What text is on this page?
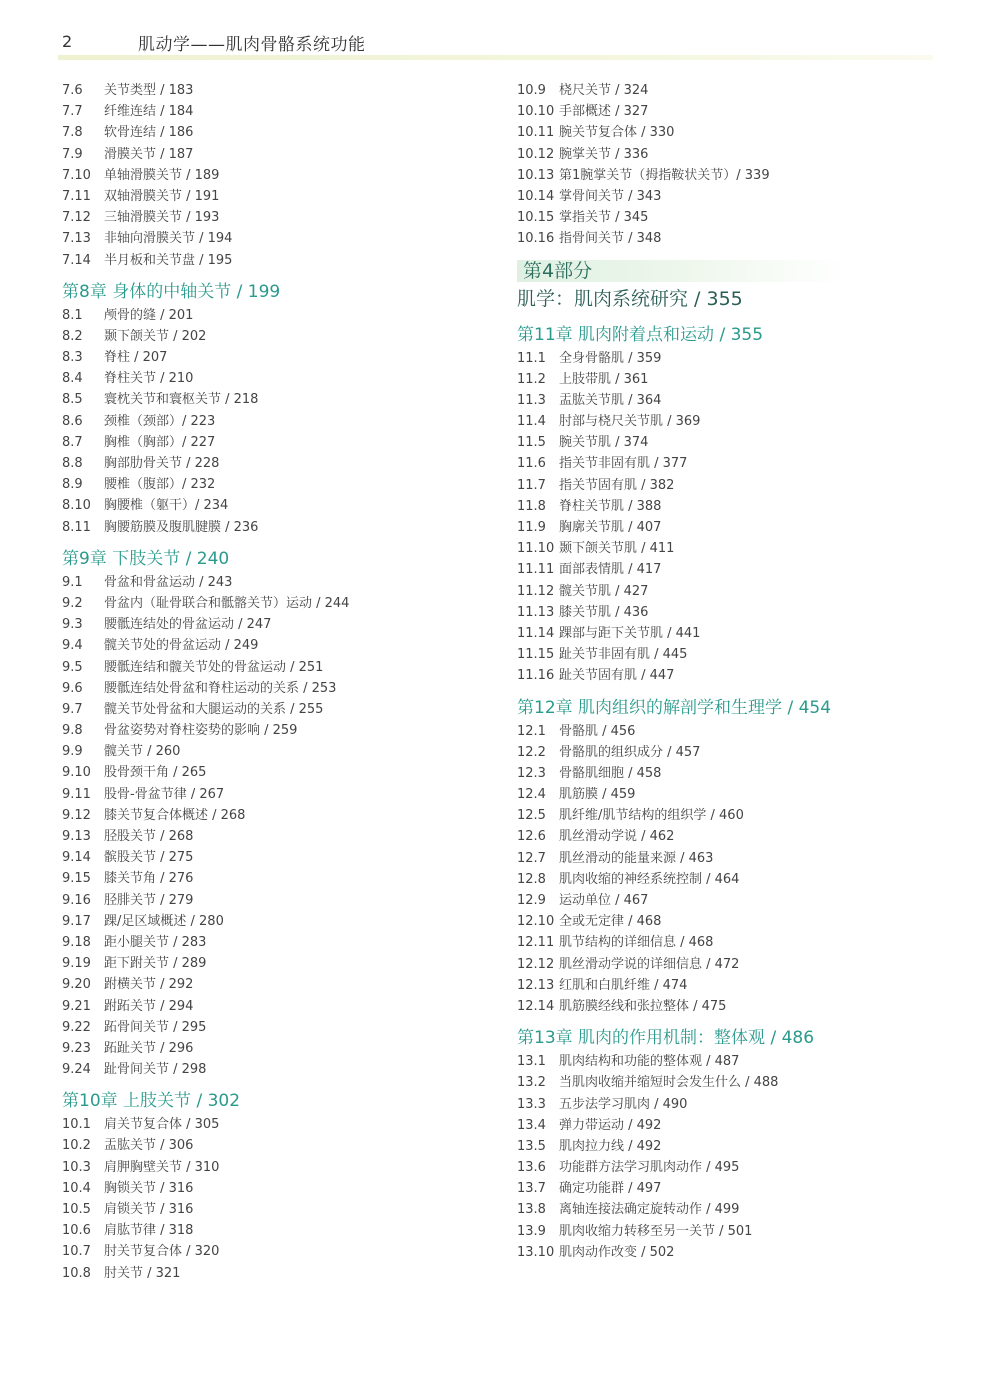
2	肌动学——肌肉骨骼系统功能
7.6 关节类型 / 183
7.7 纤维连结 / 184
7.8 软骨连结 / 186
7.9 滑膜关节 / 187
7.10 单轴滑膜关节 / 189
7.11 双轴滑膜关节 / 191
7.12 三轴滑膜关节 / 193
7.13 非轴向滑膜关节 / 194
7.14 半月板和关节盘 / 195
第8章 身体的中轴关节 / 199
8.1 颅骨的缝 / 201
8.2 颞下颌关节 / 202
8.3 脊柱 / 207
8.4 脊柱关节 / 210
8.5 寰枕关节和寰枢关节 / 218
8.6 颈椎（颈部）/ 223
8.7 胸椎（胸部）/ 227
8.8 胸部肋骨关节 / 228
8.9 腰椎（腹部）/ 232
8.10 胸腰椎（躯干）/ 234
8.11 胸腰筋膜及腹肌腱膜 / 236
第9章 下肢关节 / 240
9.1 骨盆和骨盆运动 / 243
9.2 骨盆内（耻骨联合和骶髂关节）运动 / 244
9.3 腰骶连结处的骨盆运动 / 247
9.4 髋关节处的骨盆运动 / 249
9.5 腰骶连结和髋关节处的骨盆运动 / 251
9.6 腰骶连结处骨盆和脊柱运动的关系 / 253
9.7 髋关节处骨盆和大腿运动的关系 / 255
9.8 骨盆姿势对脊柱姿势的影响 / 259
9.9 髋关节 / 260
9.10 股骨颈干角 / 265
9.11 股骨-骨盆节律 / 267
9.12 膝关节复合体概述 / 268
9.13 胫股关节 / 268
9.14 髌股关节 / 275
9.15 膝关节角 / 276
9.16 胫腓关节 / 279
9.17 踝/足区域概述 / 280
9.18 距小腿关节 / 283
9.19 距下跗关节 / 289
9.20 跗横关节 / 292
9.21 跗跖关节 / 294
9.22 跖骨间关节 / 295
9.23 跖趾关节 / 296
9.24 趾骨间关节 / 298
第10章 上肢关节 / 302
10.1 肩关节复合体 / 305
10.2 盂肱关节 / 306
10.3 肩胛胸壁关节 / 310
10.4 胸锁关节 / 316
10.5 肩锁关节 / 316
10.6 肩肱节律 / 318
10.7 肘关节复合体 / 320
10.8 肘关节 / 321
10.9 桡尺关节 / 324
10.10 手部概述 / 327
10.11 腕关节复合体 / 330
10.12 腕掌关节 / 336
10.13 第1腕掌关节（拇指鞍状关节）/ 339
10.14 掌骨间关节 / 343
10.15 掌指关节 / 345
10.16 指骨间关节 / 348
第4部分
肌学：肌肉系统研究 / 355
第11章 肌肉附着点和运动 / 355
11.1 全身骨骼肌 / 359
11.2 上肢带肌 / 361
11.3 盂肱关节肌 / 364
11.4 肘部与桡尺关节肌 / 369
11.5 腕关节肌 / 374
11.6 指关节非固有肌 / 377
11.7 指关节固有肌 / 382
11.8 脊柱关节肌 / 388
11.9 胸廓关节肌 / 407
11.10 颞下颌关节肌 / 411
11.11 面部表情肌 / 417
11.12 髋关节肌 / 427
11.13 膝关节肌 / 436
11.14 踝部与距下关节肌 / 441
11.15 趾关节非固有肌 / 445
11.16 趾关节固有肌 / 447
第12章 肌肉组织的解剖学和生理学 / 454
12.1 骨骼肌 / 456
12.2 骨骼肌的组织成分 / 457
12.3 骨骼肌细胞 / 458
12.4 肌筋膜 / 459
12.5 肌纤维/肌节结构的组织学 / 460
12.6 肌丝滑动学说 / 462
12.7 肌丝滑动的能量来源 / 463
12.8 肌肉收缩的神经系统控制 / 464
12.9 运动单位 / 467
12.10 全或无定律 / 468
12.11 肌节结构的详细信息 / 468
12.12 肌丝滑动学说的详细信息 / 472
12.13 红肌和白肌纤维 / 474
12.14 肌筋膜经线和张拉整体 / 475
第13章 肌肉的作用机制：整体观 / 486
13.1 肌肉结构和功能的整体观 / 487
13.2 当肌肉收缩并缩短时会发生什么 / 488
13.3 五步法学习肌肉 / 490
13.4 弹力带运动 / 492
13.5 肌肉拉力线 / 492
13.6 功能群方法学习肌肉动作 / 495
13.7 确定功能群 / 497
13.8 离轴连接法确定旋转动作 / 499
13.9 肌肉收缩力转移至另一关节 / 501
13.10 肌肉动作改变 / 502
